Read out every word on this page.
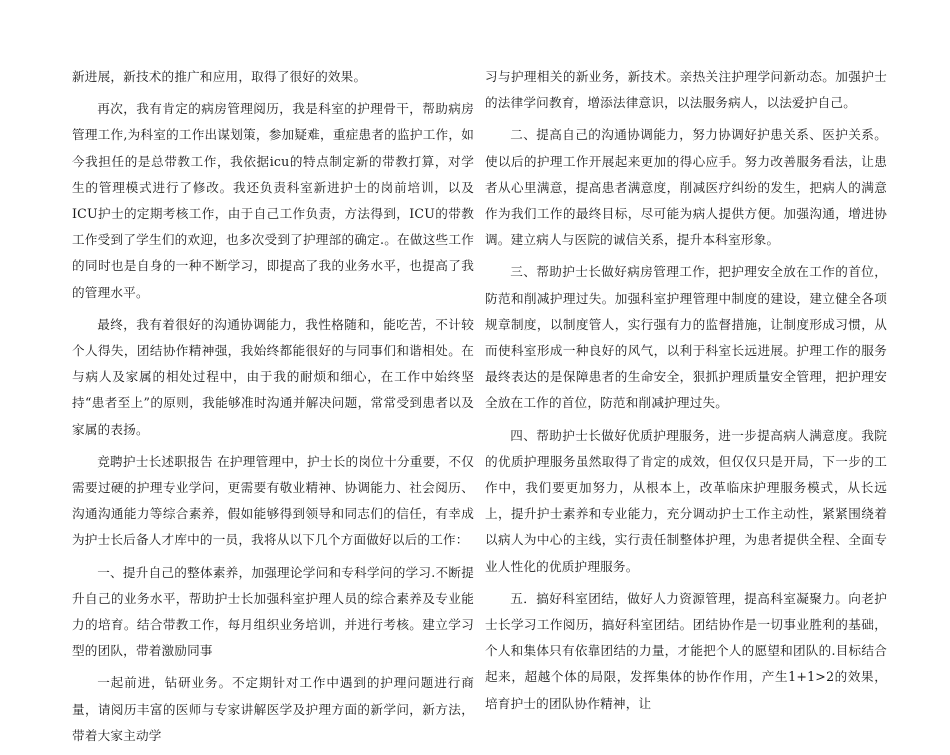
新进展，新技术的推广和应用，取得了很好的效果。

再次，我有肯定的病房管理阅历，我是科室的护理骨干，帮助病房管理工作,为科室的工作出谋划策，参加疑难，重症患者的监护工作，如今我担任的是总带教工作，我依据icu的特点制定新的带教打算，对学生的管理模式进行了修改。我还负责科室新进护士的岗前培训，以及ICU护士的定期考核工作，由于自己工作负责，方法得到，ICU的带教工作受到了学生们的欢迎，也多次受到了护理部的确定.。在做这些工作的同时也是自身的一种不断学习，即提高了我的业务水平，也提高了我的管理水平。

最终，我有着很好的沟通协调能力，我性格随和，能吃苦，不计较个人得失，团结协作精神强，我始终都能很好的与同事们和谐相处。在与病人及家属的相处过程中，由于我的耐烦和细心，在工作中始终坚持“患者至上”的原则，我能够准时沟通并解决问题，常常受到患者以及家属的表扬。

竞聘护士长述职报告 在护理管理中，护士长的岗位十分重要，不仅需要过硬的护理专业学问，更需要有敬业精神、协调能力、社会阅历、沟通沟通能力等综合素养，假如能够得到领导和同志们的信任，有幸成为护士长后备人才库中的一员，我将从以下几个方面做好以后的工作：

一、提升自己的整体素养，加强理论学问和专科学问的学习.不断提升自己的业务水平，帮助护士长加强科室护理人员的综合素养及专业能力的培育。结合带教工作，每月组织业务培训，并进行考核。建立学习型的团队，带着激励同事

一起前进，钻研业务。不定期针对工作中遇到的护理问题进行商量，请阅历丰富的医师与专家讲解医学及护理方面的新学问，新方法，带着大家主动学

习与护理相关的新业务，新技术。亲热关注护理学问新动态。加强护士的法律学问教育，增添法律意识，以法服务病人，以法爱护自己。

二、提高自己的沟通协调能力，努力协调好护患关系、医护关系。使以后的护理工作开展起来更加的得心应手。努力改善服务看法，让患者从心里满意，提高患者满意度，削减医疗纠纷的发生，把病人的满意作为我们工作的最终目标，尽可能为病人提供方便。加强沟通，增进协调。建立病人与医院的诚信关系，提升本科室形象。

三、帮助护士长做好病房管理工作，把护理安全放在工作的首位，防范和削减护理过失。加强科室护理管理中制度的建设，建立健全各项规章制度，以制度管人，实行强有力的监督措施，让制度形成习惯，从而使科室形成一种良好的风气，以利于科室长远进展。护理工作的服务最终表达的是保障患者的生命安全，狠抓护理质量安全管理，把护理安全放在工作的首位，防范和削减护理过失。

四、帮助护士长做好优质护理服务，进一步提高病人满意度。我院的优质护理服务虽然取得了肯定的成效，但仅仅只是开局，下一步的工作中，我们要更加努力，从根本上，改革临床护理服务模式，从长远上，提升护士素养和专业能力，充分调动护士工作主动性，紧紧围绕着以病人为中心的主线，实行责任制整体护理，为患者提供全程、全面专业人性化的优质护理服务。

五．搞好科室团结，做好人力资源管理，提高科室凝聚力。向老护士长学习工作阅历，搞好科室团结。团结协作是一切事业胜利的基础，个人和集体只有依靠团结的力量，才能把个人的愿望和团队的.目标结合起来，超越个体的局限，发挥集体的协作作用，产生1+1>2的效果，培育护士的团队协作精神，让
